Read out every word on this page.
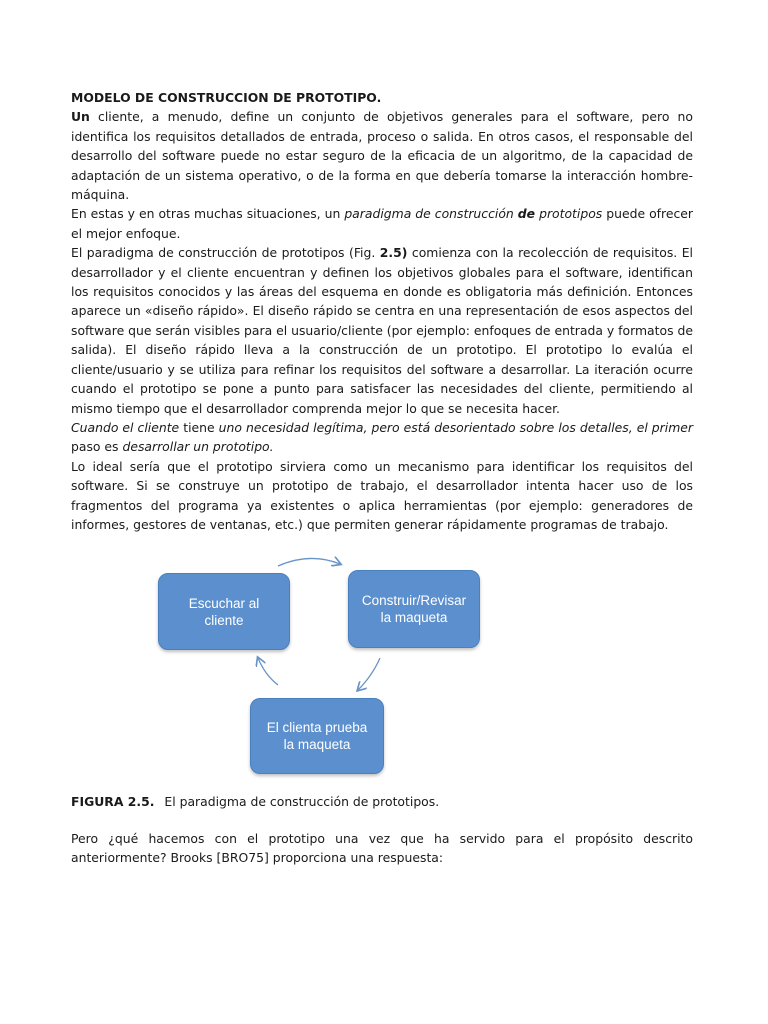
MODELO DE CONSTRUCCION DE PROTOTIPO.

Un cliente, a menudo, define un conjunto de objetivos generales para el software, pero no identifica los requisitos detallados de entrada, proceso o salida. En otros casos, el responsable del desarrollo del software puede no estar seguro de la eficacia de un algoritmo, de la capacidad de adaptación de un sistema operativo, o de la forma en que debería tomarse la interacción hombre-máquina.

En estas y en otras muchas situaciones, un paradigma de construcción de prototipos puede ofrecer el mejor enfoque.

El paradigma de construcción de prototipos (Fig. 2.5) comienza con la recolección de requisitos. El desarrollador y el cliente encuentran y definen los objetivos globales para el software, identifican los requisitos conocidos y las áreas del esquema en donde es obligatoria más definición. Entonces aparece un «diseño rápido». El diseño rápido se centra en una representación de esos aspectos del software que serán visibles para el usuario/cliente (por ejemplo: enfoques de entrada y formatos de salida). El diseño rápido lleva a la construcción de un prototipo. El prototipo lo evalúa el cliente/usuario y se utiliza para refinar los requisitos del software a desarrollar. La iteración ocurre cuando el prototipo se pone a punto para satisfacer las necesidades del cliente, permitiendo al mismo tiempo que el desarrollador comprenda mejor lo que se necesita hacer.

Cuando el cliente tiene uno necesidad legítima, pero está desorientado sobre los detalles, el primer paso es desarrollar un prototipo.

Lo ideal sería que el prototipo sirviera como un mecanismo para identificar los requisitos del software. Si se construye un prototipo de trabajo, el desarrollador intenta hacer uso de los fragmentos del programa ya existentes o aplica herramientas (por ejemplo: generadores de informes, gestores de ventanas, etc.) que permiten generar rápidamente programas de trabajo.

Escuchar al cliente
Construir/Revisar la maqueta
El clienta prueba la maqueta
FIGURA 2.5. El paradigma de construcción de prototipos.

Pero ¿qué hacemos con el prototipo una vez que ha servido para el propósito descrito anteriormente? Brooks [BRO75] proporciona una respuesta:
